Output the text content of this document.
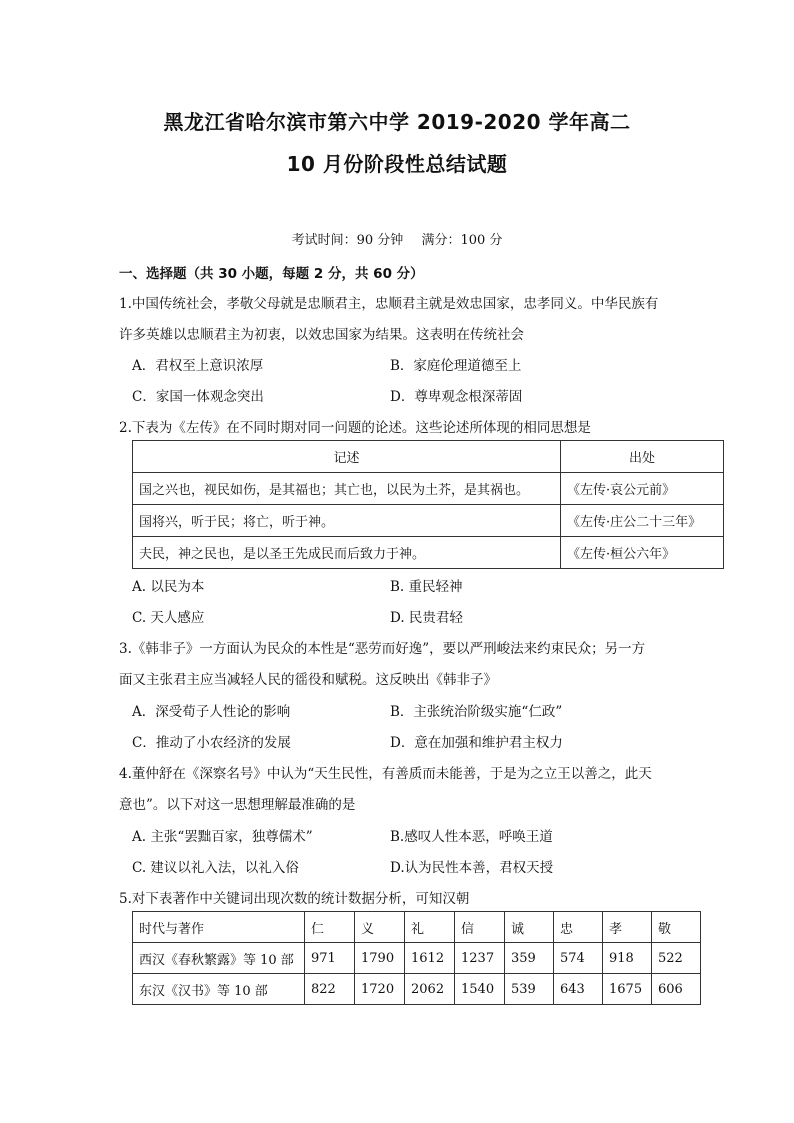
黑龙江省哈尔滨市第六中学 2019-2020 学年高二
10 月份阶段性总结试题
考试时间：90 分钟 满分：100 分
一、选择题（共 30 小题，每题 2 分，共 60 分）
1.中国传统社会，孝敬父母就是忠顺君主，忠顺君主就是效忠国家，忠孝同义。中华民族有
许多英雄以忠顺君主为初衷，以效忠国家为结果。这表明在传统社会
A．君权至上意识浓厚	B．家庭伦理道德至上
C．家国一体观念突出	D．尊卑观念根深蒂固
2.下表为《左传》在不同时期对同一问题的论述。这些论述所体现的相同思想是
记述	出处
国之兴也，视民如伤，是其福也；其亡也，以民为土芥，是其祸也。	《左传·哀公元前》
国将兴，听于民；将亡，听于神。	《左传·庄公二十三年》
夫民，神之民也，是以圣王先成民而后致力于神。	《左传·桓公六年》
A. 以民为本	B. 重民轻神
C. 天人感应	D. 民贵君轻
3.《韩非子》一方面认为民众的本性是“恶劳而好逸”，要以严刑峻法来约束民众；另一方
面又主张君主应当减轻人民的徭役和赋税。这反映出《韩非子》
A．深受荀子人性论的影响	B．主张统治阶级实施“仁政”
C．推动了小农经济的发展	D．意在加强和维护君主权力
4.董仲舒在《深察名号》中认为“天生民性，有善质而未能善，于是为之立王以善之，此天
意也”。以下对这一思想理解最准确的是
A. 主张“罢黜百家，独尊儒术”	B.感叹人性本恶，呼唤王道
C. 建议以礼入法，以礼入俗	D.认为民性本善，君权天授
5.对下表著作中关键词出现次数的统计数据分析，可知汉朝
时代与著作	仁	义	礼	信	诚	忠	孝	敬
西汉《春秋繁露》等 10 部	971	1790	1612	1237	359	574	918	522
东汉《汉书》等 10 部	822	1720	2062	1540	539	643	1675	606
